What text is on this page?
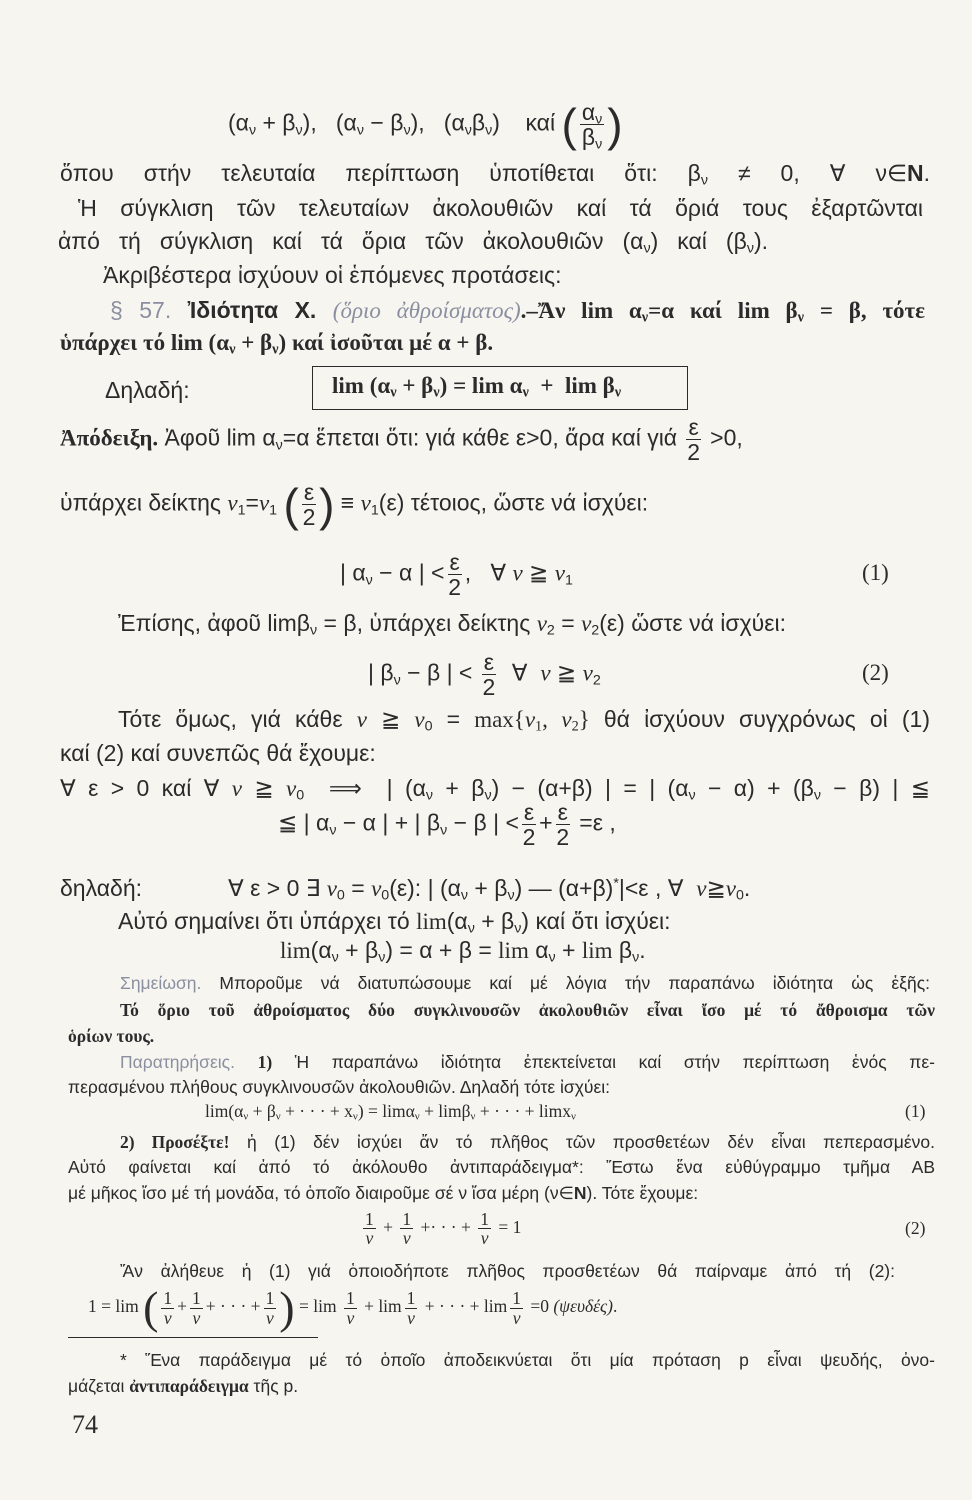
$(\alpha_\nu + \beta_\nu)$,   $(\alpha_\nu - \beta_\nu)$,   $(\alpha_\nu\beta_\nu)$    καί ( $\frac{\alpha_\nu}{\beta_\nu}$ )
ὅπου στήν τελευταία περίπτωση ὑποτίθεται ὅτι: $\beta_\nu \ne 0$, ∀ ν∈N.
Ἡ σύγκλιση τῶν τελευταίων ἀκολουθιῶν καί τά ὅριά τους ἐξαρτῶνται
ἀπό τή σύγκλιση καί τά ὅρια τῶν ἀκολουθιῶν $(\alpha_\nu)$ καί $(\beta_\nu)$.
Ἀκριβέστερα ἰσχύουν οἱ ἑπόμενες προτάσεις:
§ 57. Ἰδιότητα Χ. (ὅριο ἀθροίσματος).–Ἄν $\lim \alpha_\nu=\alpha$ καί $\lim \beta_\nu = \beta$, τότε
ὑπάρχει τό $\lim (\alpha_\nu + \beta_\nu)$ καί ἰσοῦται μέ α + β.
Δηλαδή:	$\lim (\alpha_\nu + \beta_\nu) = \lim \alpha_\nu + \lim \beta_\nu$
Ἀπόδειξη. Ἀφοῦ $\lim \alpha_\nu=\alpha$ ἕπεται ὅτι: γιά κάθε ε>0, ἄρα καί γιά $\frac{\varepsilon}{2} >0$,
ὑπάρχει δείκτης $\nu_1=\nu_1$ ( $\frac{\varepsilon}{2}$ ) ≡ $\nu_1(\varepsilon)$ τέτοιος, ὥστε νά ἰσχύει:
| $\alpha_\nu - \alpha$ | < $\frac{\varepsilon}{2}$ ,   ∀ ν ≧ $\nu_1$	(1)
Ἐπίσης, ἀφοῦ limβ$_\nu$ = β, ὑπάρχει δείκτης $\nu_2 = \nu_2(\varepsilon)$ ὥστε νά ἰσχύει:
| $\beta_\nu - \beta$ | < $\frac{\varepsilon}{2}$ ∀  ν ≧ $\nu_2$	(2)
Τότε ὅμως, γιά κάθε ν ≧ $\nu_0 = \max\{\nu_1$, $\nu_2$} θά ἰσχύουν συγχρόνως οἱ (1)
καί (2) καί συνεπῶς θά ἔχουμε:
∀ ε > 0 καί ∀ ν ≧ $\nu_0$  ⟹  | $(\alpha_\nu + \beta_\nu) - (\alpha+\beta)$ | = | $(\alpha_\nu - \alpha) + (\beta_\nu - \beta)$ | ≦
≦ | $\alpha_\nu - \alpha$ | + | $\beta_\nu - \beta$ | < $\frac{\varepsilon}{2} + \frac{\varepsilon}{2} =\varepsilon$ ,
δηλαδή:	∀ ε > 0 ∃ $\nu_0 = \nu_0(\varepsilon)$: | $(\alpha_\nu + \beta_\nu)$ — (α+β)*|<ε , ∀  $\nu≧\nu_0$.
Αὐτό σημαίνει ὅτι ὑπάρχει τό $\lim(\alpha_\nu + \beta_\nu)$ καί ὅτι ἰσχύει:
$\lim(\alpha_\nu + \beta_\nu) = \alpha + \beta = \lim \alpha_\nu + \lim \beta_\nu$.
Σημείωση. Μποροῦμε νά διατυπώσουμε καί μέ λόγια τήν παραπάνω ἰδιότητα ὡς ἑξῆς:
Τό ὅριο τοῦ ἀθροίσματος δύο συγκλινουσῶν ἀκολουθιῶν εἶναι ἴσο μέ τό ἄθροισμα τῶν
ὁρίων τους.
Παρατηρήσεις. 1) Ἡ παραπάνω ἰδιότητα ἐπεκτείνεται καί στήν περίπτωση ἑνός πε-
περασμένου πλήθους συγκλινουσῶν ἀκολουθιῶν. Δηλαδή τότε ἰσχύει:
$\lim(\alpha_\nu + \beta_\nu$ + · · · + $x_\nu) = \lim\alpha_\nu + \lim\beta_\nu$ + · · · + limx$_\nu$	(1)
2) Προσέξτε! ἡ (1) δέν ἰσχύει ἄν τό πλῆθος τῶν προσθετέων δέν εἶναι πεπερασμένο.
Αὐτό φαίνεται καί ἀπό τό ἀκόλουθο ἀντιπαράδειγμα*: Ἔστω ἕνα εὐθύγραμμο τμῆμα ΑΒ
μέ μῆκος ἴσο μέ τή μονάδα, τό ὁποῖο διαιροῦμε σέ ν ἴσα μέρη (ν∈N). Τότε ἔχουμε:
$\frac{1}{\nu} + \frac{1}{\nu}$ +· · · + $\frac{1}{\nu} = 1$	(2)
Ἄν ἀλήθευε ἡ (1) γιά ὁποιοδήποτε πλῆθος προσθετέων θά παίρναμε ἀπό τή (2):
1 = lim ( $\frac{1}{\nu} + \frac{1}{\nu}$ + · · · + $\frac{1}{\nu}$ ) = $\lim \frac{1}{\nu} + \lim \frac{1}{\nu}$ + · · · + $\lim \frac{1}{\nu} =0$ (ψευδές).
* Ἕνα παράδειγμα μέ τό ὁποῖο ἀποδεικνύεται ὅτι μία πρόταση p εἶναι ψευδής, ὀνο-
μάζεται ἀντιπαράδειγμα τῆς p.
74
